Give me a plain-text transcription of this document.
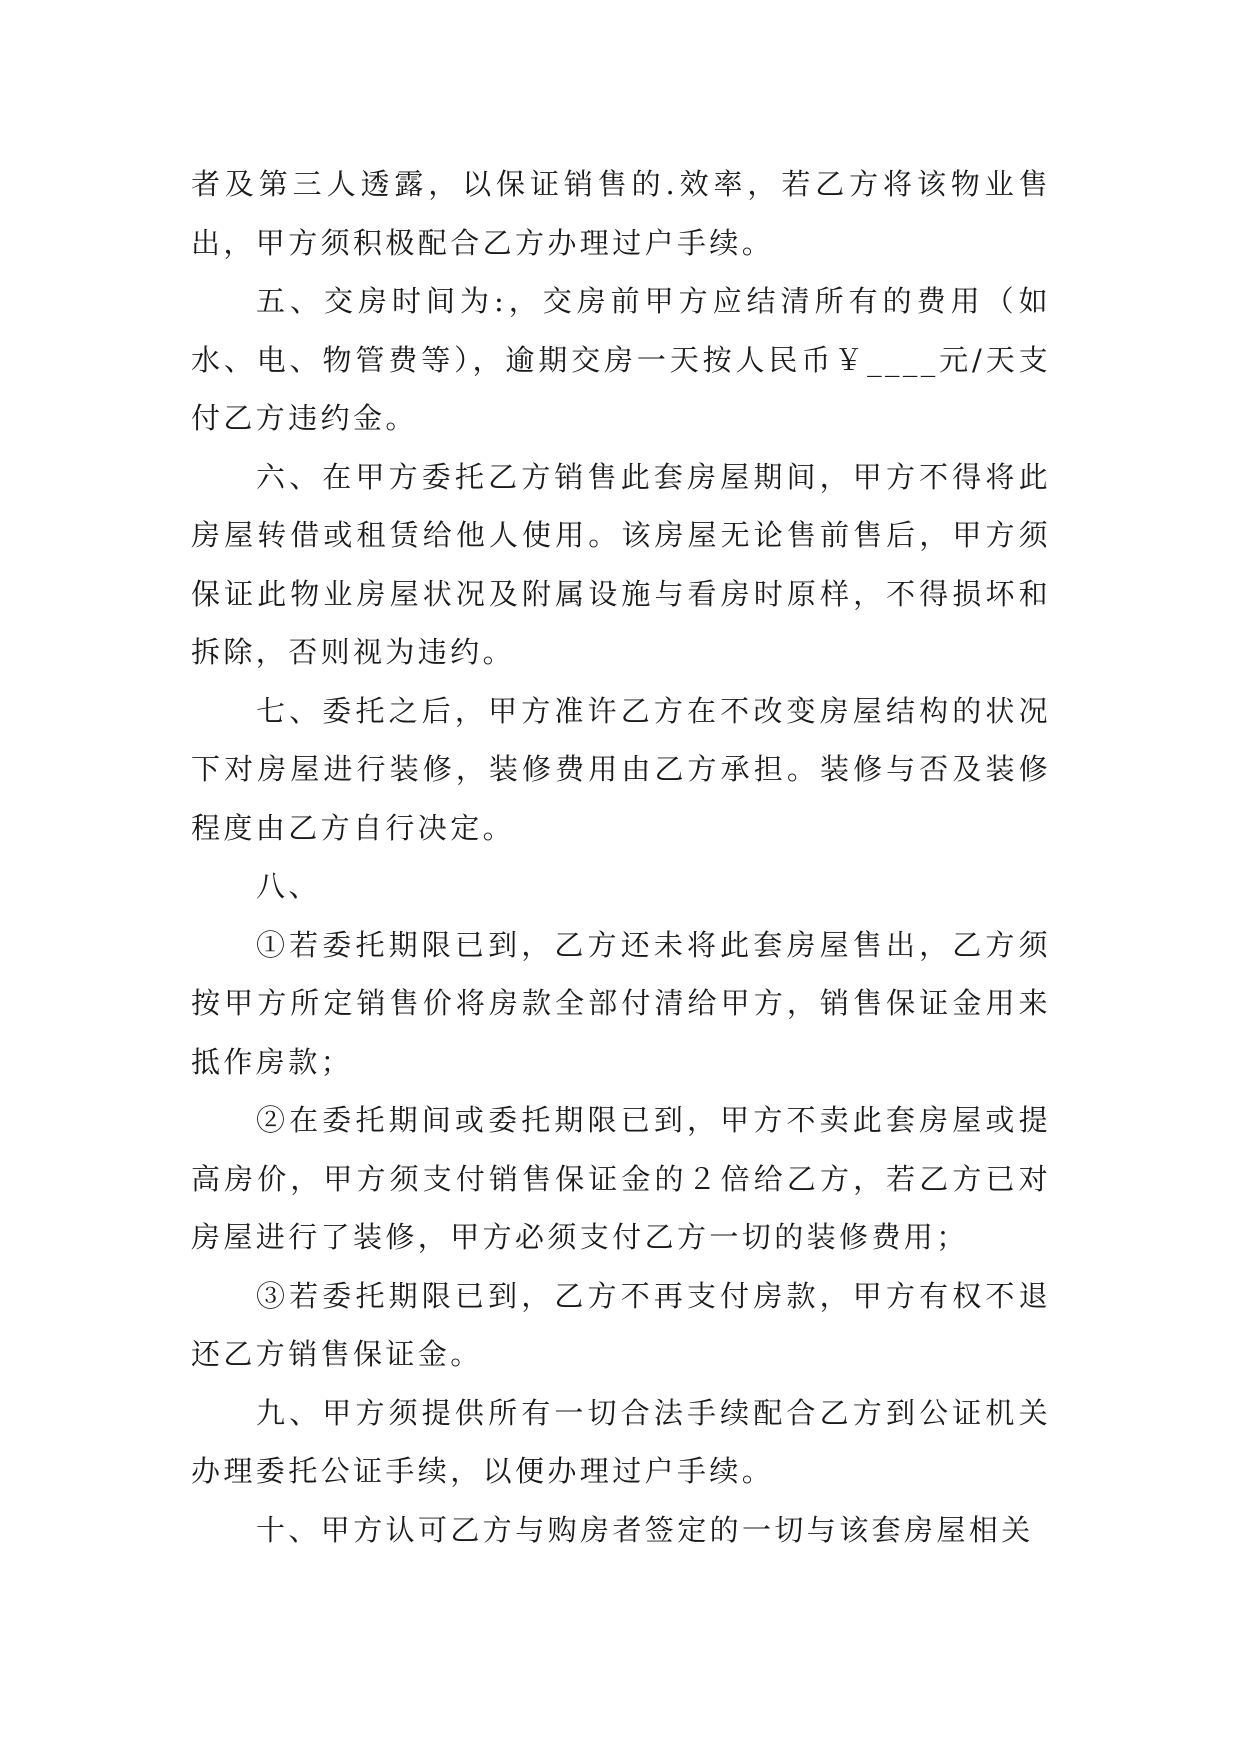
者及第三人透露，以保证销售的.效率，若乙方将该物业售出，甲方须积极配合乙方办理过户手续。

五、交房时间为:，交房前甲方应结清所有的费用（如水、电、物管费等），逾期交房一天按人民币￥____元/天支付乙方违约金。

六、在甲方委托乙方销售此套房屋期间，甲方不得将此房屋转借或租赁给他人使用。该房屋无论售前售后，甲方须保证此物业房屋状况及附属设施与看房时原样，不得损坏和拆除，否则视为违约。

七、委托之后，甲方准许乙方在不改变房屋结构的状况下对房屋进行装修，装修费用由乙方承担。装修与否及装修程度由乙方自行决定。

八、

①若委托期限已到，乙方还未将此套房屋售出，乙方须按甲方所定销售价将房款全部付清给甲方，销售保证金用来抵作房款；

②在委托期间或委托期限已到，甲方不卖此套房屋或提高房价，甲方须支付销售保证金的２倍给乙方，若乙方已对房屋进行了装修，甲方必须支付乙方一切的装修费用；

③若委托期限已到，乙方不再支付房款，甲方有权不退还乙方销售保证金。

九、甲方须提供所有一切合法手续配合乙方到公证机关办理委托公证手续，以便办理过户手续。

十、甲方认可乙方与购房者签定的一切与该套房屋相关
